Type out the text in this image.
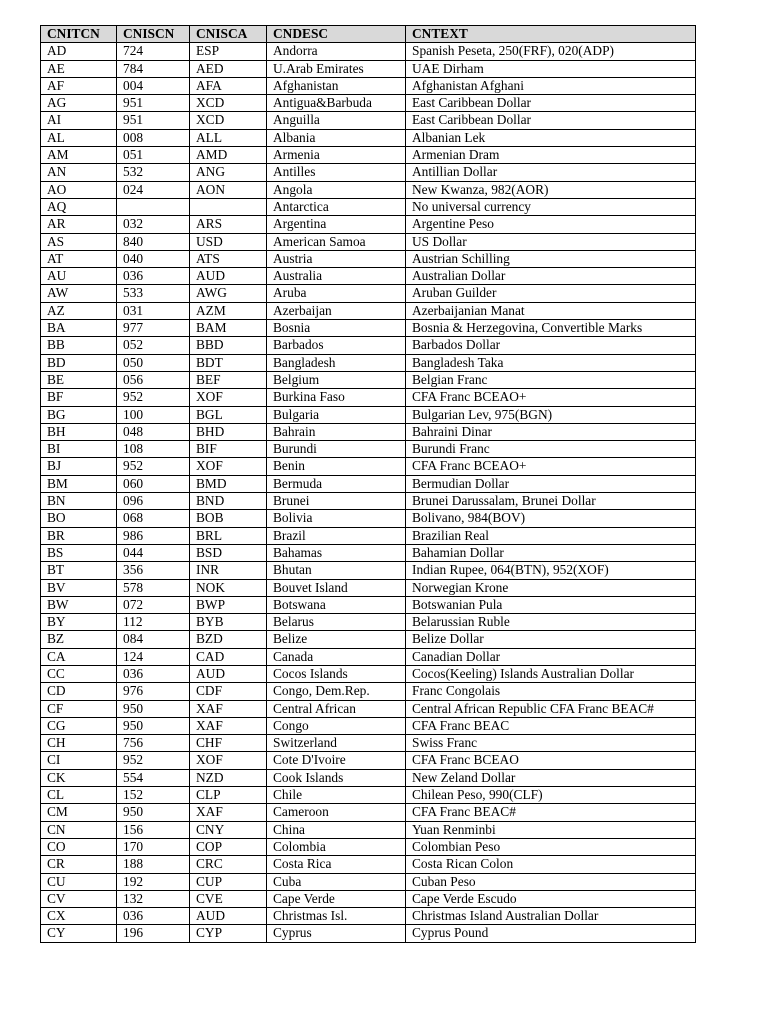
CNITCN	CNISCN	CNISCA	CNDESC	CNTEXT
AD	724	ESP	Andorra	Spanish Peseta, 250(FRF), 020(ADP)
AE	784	AED	U.Arab Emirates	UAE Dirham
AF	004	AFA	Afghanistan	Afghanistan Afghani
AG	951	XCD	Antigua&Barbuda	East Caribbean Dollar
AI	951	XCD	Anguilla	East Caribbean Dollar
AL	008	ALL	Albania	Albanian Lek
AM	051	AMD	Armenia	Armenian Dram
AN	532	ANG	Antilles	Antillian Dollar
AO	024	AON	Angola	New Kwanza, 982(AOR)
AQ			Antarctica	No universal currency
AR	032	ARS	Argentina	Argentine Peso
AS	840	USD	American Samoa	US Dollar
AT	040	ATS	Austria	Austrian Schilling
AU	036	AUD	Australia	Australian Dollar
AW	533	AWG	Aruba	Aruban Guilder
AZ	031	AZM	Azerbaijan	Azerbaijanian Manat
BA	977	BAM	Bosnia	Bosnia & Herzegovina, Convertible Marks
BB	052	BBD	Barbados	Barbados Dollar
BD	050	BDT	Bangladesh	Bangladesh Taka
BE	056	BEF	Belgium	Belgian Franc
BF	952	XOF	Burkina Faso	CFA Franc BCEAO+
BG	100	BGL	Bulgaria	Bulgarian Lev, 975(BGN)
BH	048	BHD	Bahrain	Bahraini Dinar
BI	108	BIF	Burundi	Burundi Franc
BJ	952	XOF	Benin	CFA Franc BCEAO+
BM	060	BMD	Bermuda	Bermudian Dollar
BN	096	BND	Brunei	Brunei Darussalam, Brunei Dollar
BO	068	BOB	Bolivia	Bolivano, 984(BOV)
BR	986	BRL	Brazil	Brazilian Real
BS	044	BSD	Bahamas	Bahamian Dollar
BT	356	INR	Bhutan	Indian Rupee, 064(BTN), 952(XOF)
BV	578	NOK	Bouvet Island	Norwegian Krone
BW	072	BWP	Botswana	Botswanian Pula
BY	112	BYB	Belarus	Belarussian Ruble
BZ	084	BZD	Belize	Belize Dollar
CA	124	CAD	Canada	Canadian Dollar
CC	036	AUD	Cocos Islands	Cocos(Keeling) Islands Australian Dollar
CD	976	CDF	Congo, Dem.Rep.	Franc Congolais
CF	950	XAF	Central African	Central African Republic CFA Franc BEAC#
CG	950	XAF	Congo	CFA Franc BEAC
CH	756	CHF	Switzerland	Swiss Franc
CI	952	XOF	Cote D'Ivoire	CFA Franc BCEAO
CK	554	NZD	Cook Islands	New Zeland Dollar
CL	152	CLP	Chile	Chilean Peso, 990(CLF)
CM	950	XAF	Cameroon	CFA Franc BEAC#
CN	156	CNY	China	Yuan Renminbi
CO	170	COP	Colombia	Colombian Peso
CR	188	CRC	Costa Rica	Costa Rican Colon
CU	192	CUP	Cuba	Cuban Peso
CV	132	CVE	Cape Verde	Cape Verde Escudo
CX	036	AUD	Christmas Isl.	Christmas Island Australian Dollar
CY	196	CYP	Cyprus	Cyprus Pound
